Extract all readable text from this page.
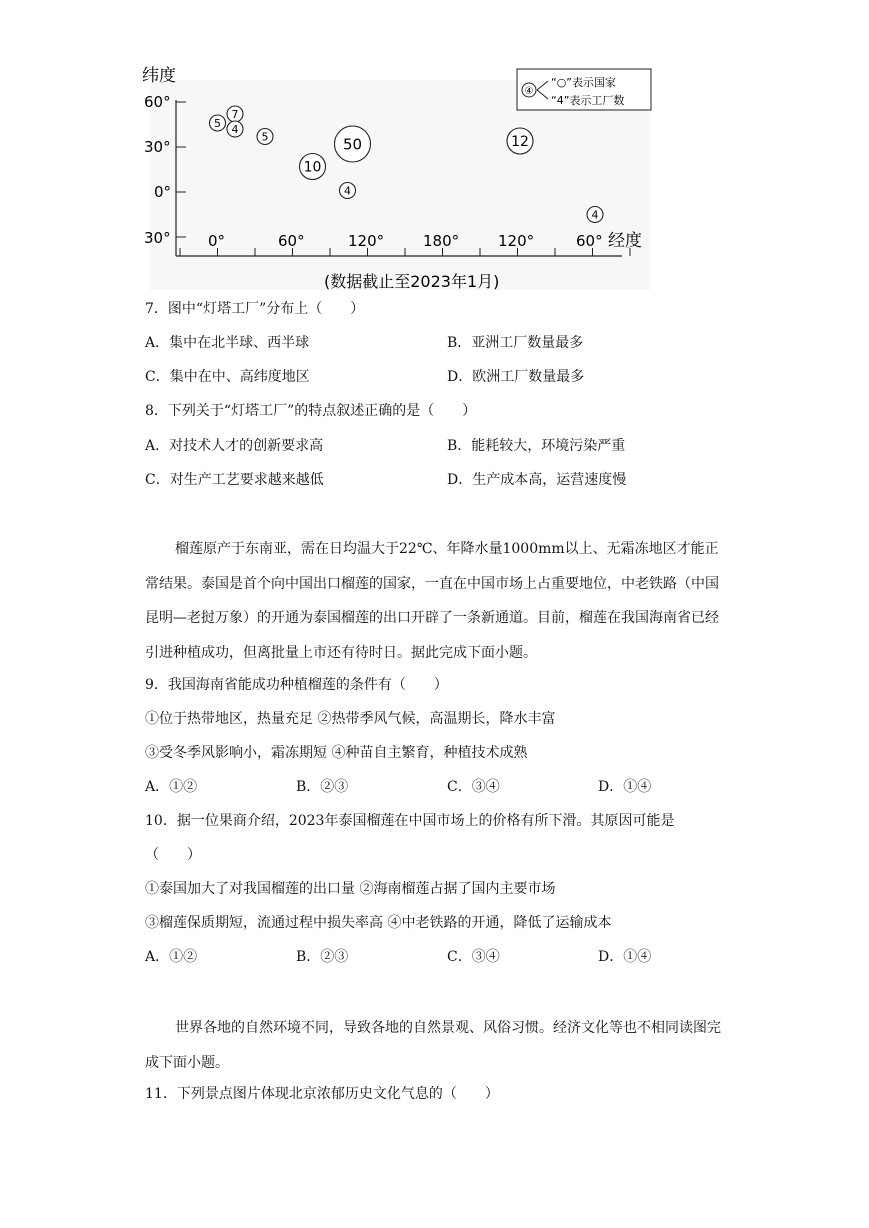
纬度
60°
30°
0°
30° 0°	60°	120°	180°	120°	60° 经度
④
“○”表示国家
“4”表示工厂数
7
5 4
5
10
50
4
12
4
(数据截止至2023年1月)
7．图中“灯塔工厂”分布上（　　）
A．集中在北半球、西半球	B．亚洲工厂数量最多
C．集中在中、高纬度地区	D．欧洲工厂数量最多
8．下列关于“灯塔工厂”的特点叙述正确的是（　　）
A．对技术人才的创新要求高	B．能耗较大，环境污染严重
C．对生产工艺要求越来越低	D．生产成本高，运营速度慢

榴莲原产于东南亚，需在日均温大于22℃、年降水量1000mm以上、无霜冻地区才能正常结果。泰国是首个向中国出口榴莲的国家，一直在中国市场上占重要地位，中老铁路（中国昆明—老挝万象）的开通为泰国榴莲的出口开辟了一条新通道。目前，榴莲在我国海南省已经引进种植成功，但离批量上市还有待时日。据此完成下面小题。

9．我国海南省能成功种植榴莲的条件有（　　）
①位于热带地区，热量充足 ②热带季风气候，高温期长，降水丰富
③受冬季风影响小，霜冻期短 ④种苗自主繁育，种植技术成熟
A．①②	B．②③	C．③④	D．①④
10．据一位果商介绍，2023年泰国榴莲在中国市场上的价格有所下滑。其原因可能是
（　　）
①泰国加大了对我国榴莲的出口量 ②海南榴莲占据了国内主要市场
③榴莲保质期短，流通过程中损失率高 ④中老铁路的开通，降低了运输成本
A．①②	B．②③	C．③④	D．①④

世界各地的自然环境不同，导致各地的自然景观、风俗习惯。经济文化等也不相同读图完成下面小题。

11．下列景点图片体现北京浓郁历史文化气息的（　　）
